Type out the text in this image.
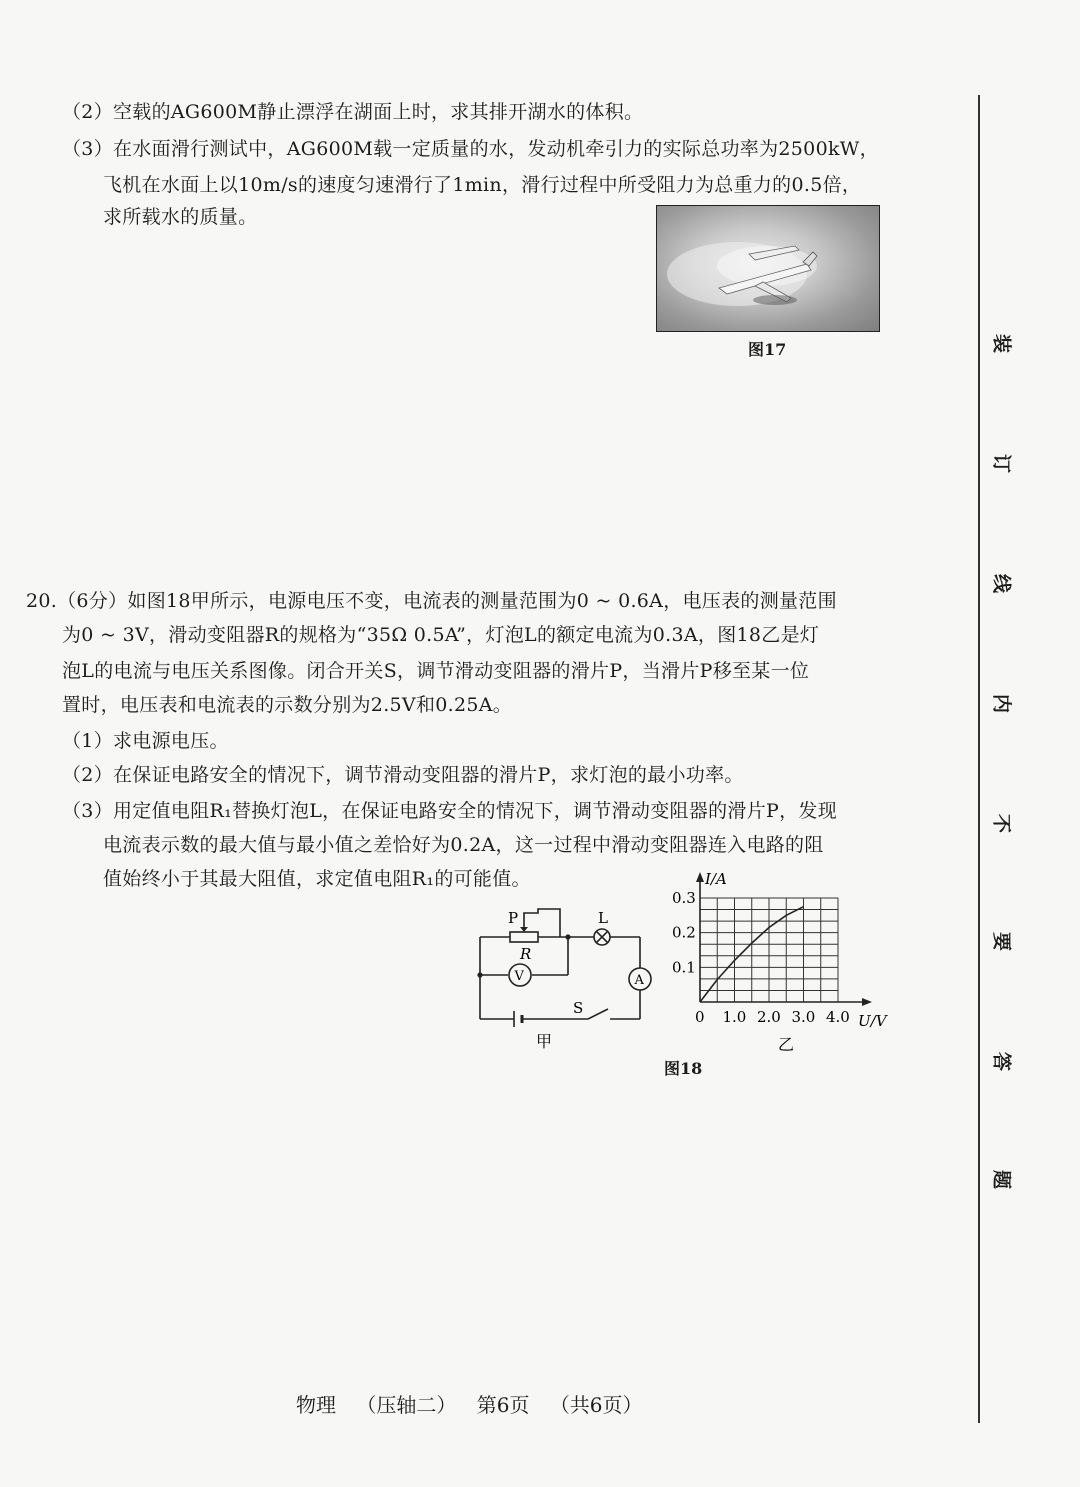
（2）空载的AG600M静止漂浮在湖面上时，求其排开湖水的体积。
（3）在水面滑行测试中，AG600M载一定质量的水，发动机牵引力的实际总功率为2500kW，
飞机在水面上以10m/s的速度匀速滑行了1min，滑行过程中所受阻力为总重力的0.5倍，
求所载水的质量。
图17
20.（6分）如图18甲所示，电源电压不变，电流表的测量范围为0 ~ 0.6A，电压表的测量范围
为0 ~ 3V，滑动变阻器R的规格为“35Ω 0.5A”，灯泡L的额定电流为0.3A，图18乙是灯
泡L的电流与电压关系图像。闭合开关S，调节滑动变阻器的滑片P，当滑片P移至某一位
置时，电压表和电流表的示数分别为2.5V和0.25A。
（1）求电源电压。
（2）在保证电路安全的情况下，调节滑动变阻器的滑片P，求灯泡的最小功率。
（3）用定值电阻R₁替换灯泡L，在保证电路安全的情况下，调节滑动变阻器的滑片P，发现
电流表示数的最大值与最小值之差恰好为0.2A，这一过程中滑动变阻器连入电路的阻
值始终小于其最大阻值，求定值电阻R₁的可能值。
P
R
L
V	A
S
甲
0 1.0 2.0 3.0 4.0
0.1
0.2
0.3
I/A
U/V
乙
图18
装
订
线
内
不
要
答
题
物理 （压轴二） 第6页 （共6页）
